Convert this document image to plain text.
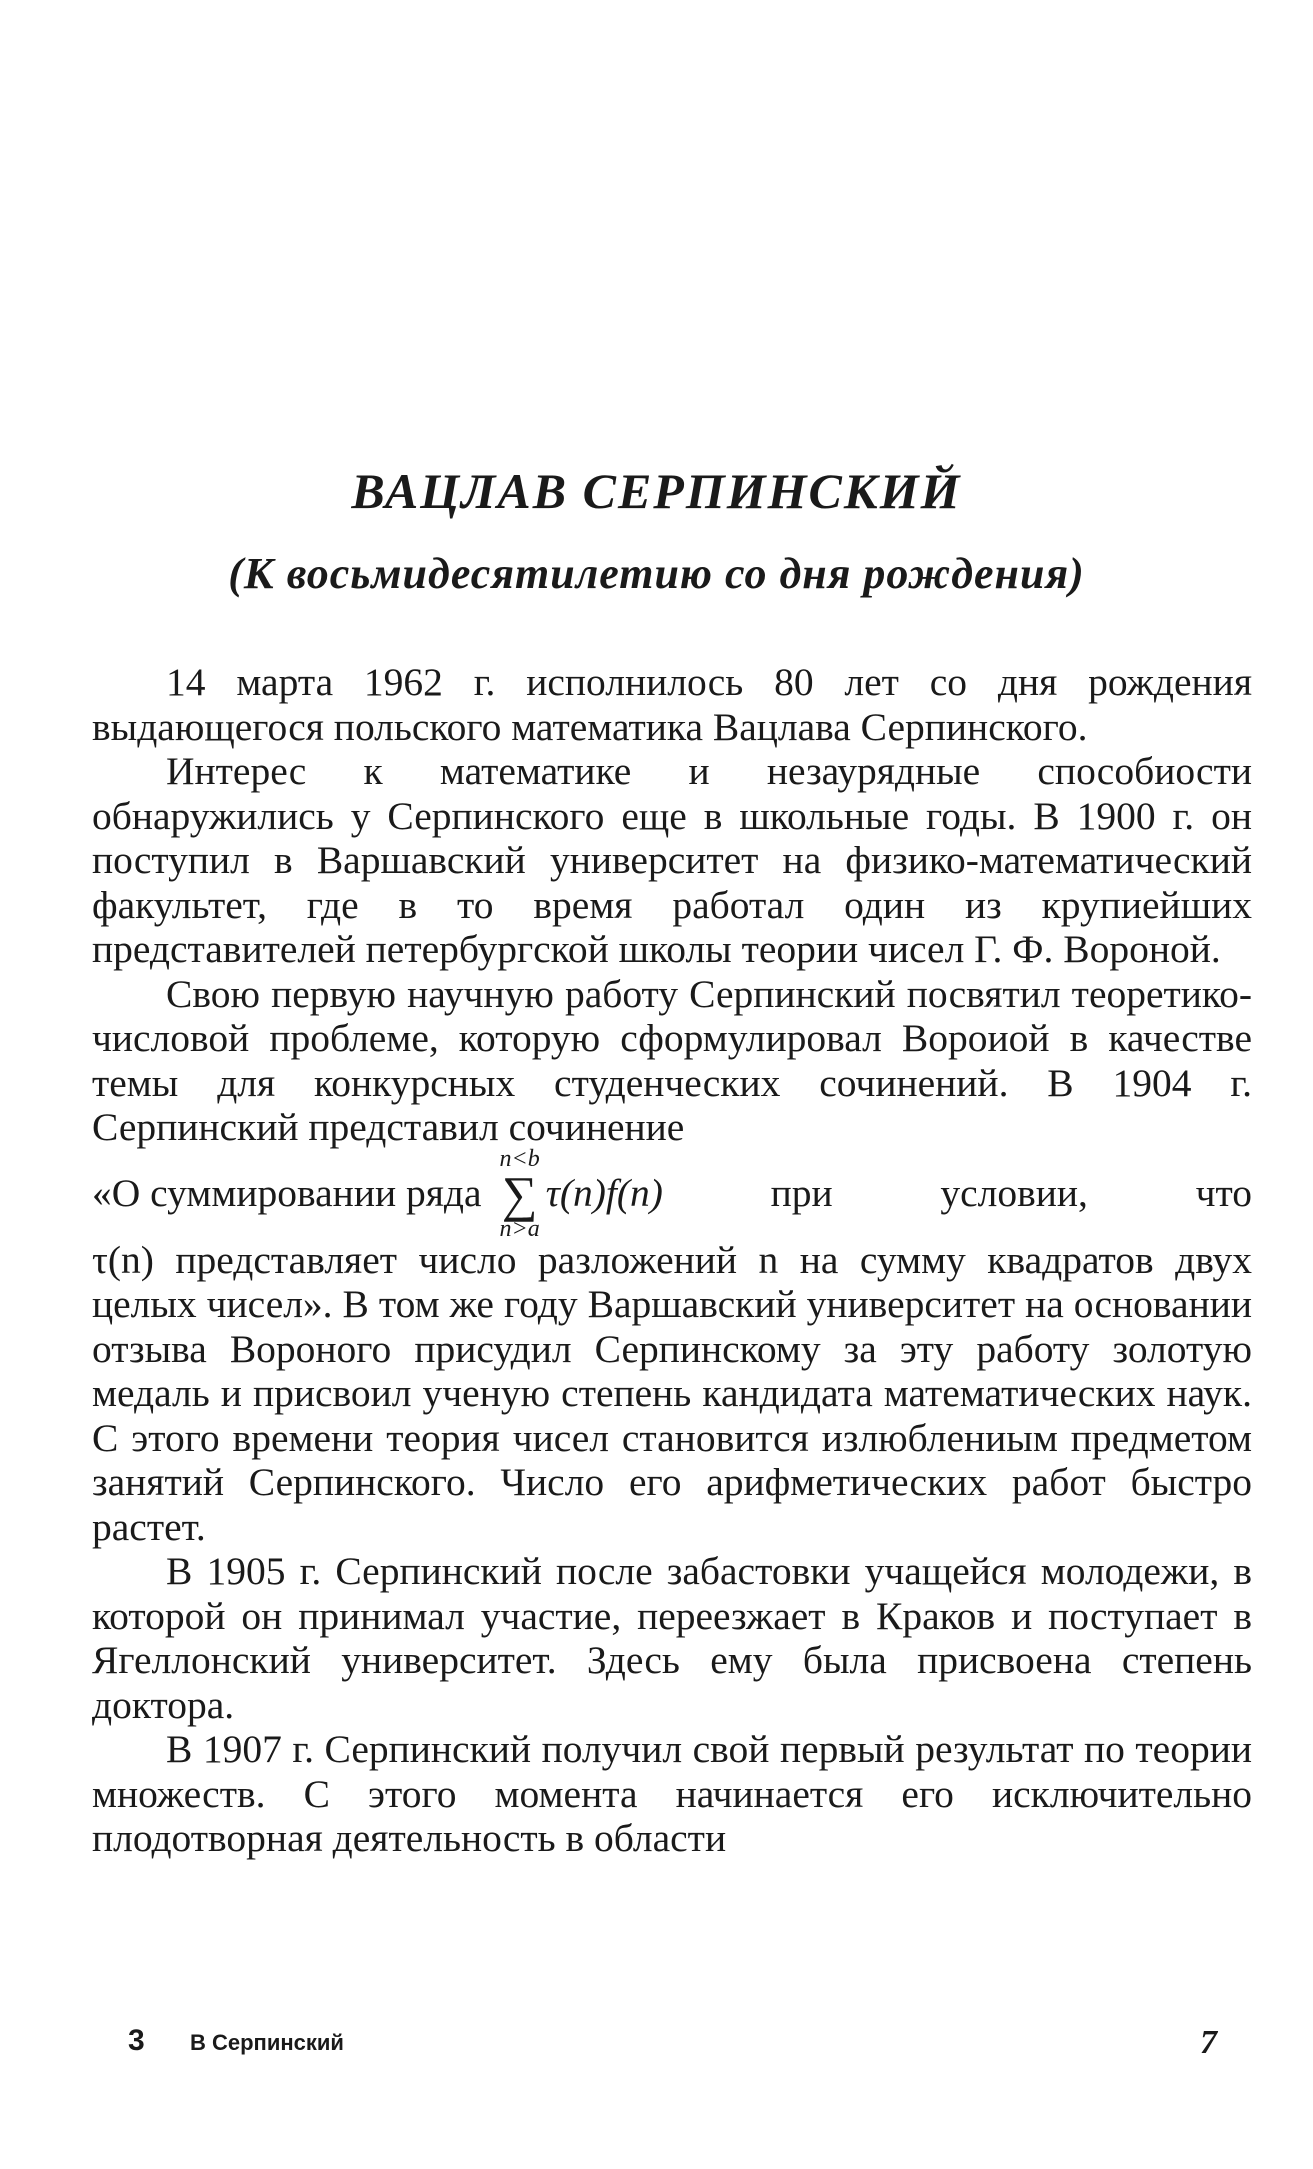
ВАЦЛАВ СЕРПИНСКИЙ
(К восьмидесятилетию со дня рождения)

14 марта 1962 г. исполнилось 80 лет со дня рождения выдающегося польского математика Вацлава Серпинского.

Интерес к математике и незаурядные способиости обнаружились у Серпинского еще в школьные годы. В 1900 г. он поступил в Варшавский университет на физико-математический факультет, где в то время работал один из крупиейших представителей петербургской школы теории чисел Г. Ф. Вороной.

Свою первую научную работу Серпинский посвятил теоретико-числовой проблеме, которую сформулировал Вороиой в качестве темы для конкурсных студенческих сочинений. В 1904 г. Серпинский представил сочинение

«О суммировании ряда
n<b
∑
n>a
τ(n)f(n)	при	условии,	что

τ(n) представляет число разложений n на сумму квадратов двух целых чисел». В том же году Варшавский университет на основании отзыва Вороного присудил Серпинскому за эту работу золотую медаль и присвоил ученую степень кандидата математических наук. С этого времени теория чисел становится излюблениым предметом занятий Серпинского. Число его арифметических работ быстро растет.

В 1905 г. Серпинский после забастовки учащейся молодежи, в которой он принимал участие, переезжает в Краков и поступает в Ягеллонский университет. Здесь ему была присвоена степень доктора.

В 1907 г. Серпинский получил свой первый результат по теории множеств. С этого момента начинается его исключительно плодотворная деятельность в области

3 В Серпинский	7
